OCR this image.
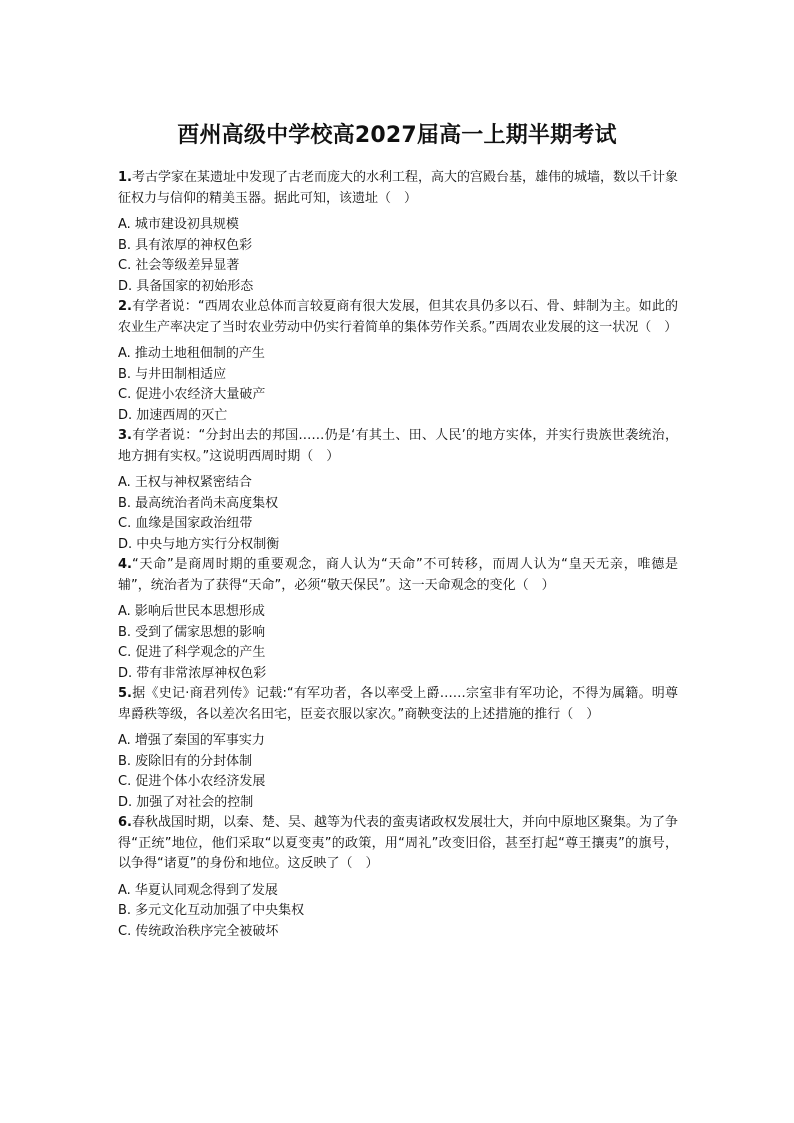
酉州高级中学校高2027届高一上期半期考试

1.考古学家在某遗址中发现了古老而庞大的水利工程，高大的宫殿台基，雄伟的城墙，数以千计象征权力与信仰的精美玉器。据此可知，该遗址（　）

A. 城市建设初具规模
B. 具有浓厚的神权色彩
C. 社会等级差异显著
D. 具备国家的初始形态

2.有学者说：“西周农业总体而言较夏商有很大发展，但其农具仍多以石、骨、蚌制为主。如此的农业生产率决定了当时农业劳动中仍实行着简单的集体劳作关系。”西周农业发展的这一状况（　）

A. 推动土地租佃制的产生
B. 与井田制相适应
C. 促进小农经济大量破产
D. 加速西周的灭亡

3.有学者说：“分封出去的邦国……仍是‘有其土、田、人民’的地方实体，并实行贵族世袭统治，地方拥有实权。”这说明西周时期（　）

A. 王权与神权紧密结合
B. 最高统治者尚未高度集权
C. 血缘是国家政治纽带
D. 中央与地方实行分权制衡

4.“天命”是商周时期的重要观念，商人认为“天命”不可转移，而周人认为“皇天无亲，唯德是辅”，统治者为了获得“天命”，必须“敬天保民”。这一天命观念的变化（　）

A. 影响后世民本思想形成
B. 受到了儒家思想的影响
C. 促进了科学观念的产生
D. 带有非常浓厚神权色彩

5.据《史记·商君列传》记载:“有军功者，各以率受上爵……宗室非有军功论，不得为属籍。明尊卑爵秩等级，各以差次名田宅，臣妾衣服以家次。”商鞅变法的上述措施的推行（　）

A. 增强了秦国的军事实力
B. 废除旧有的分封体制
C. 促进个体小农经济发展
D. 加强了对社会的控制

6.春秋战国时期，以秦、楚、吴、越等为代表的蛮夷诸政权发展壮大，并向中原地区聚集。为了争得“正统”地位，他们采取“以夏变夷”的政策，用“周礼”改变旧俗，甚至打起“尊王攘夷”的旗号，以争得“诸夏”的身份和地位。这反映了（　）

A. 华夏认同观念得到了发展
B. 多元文化互动加强了中央集权
C. 传统政治秩序完全被破坏
